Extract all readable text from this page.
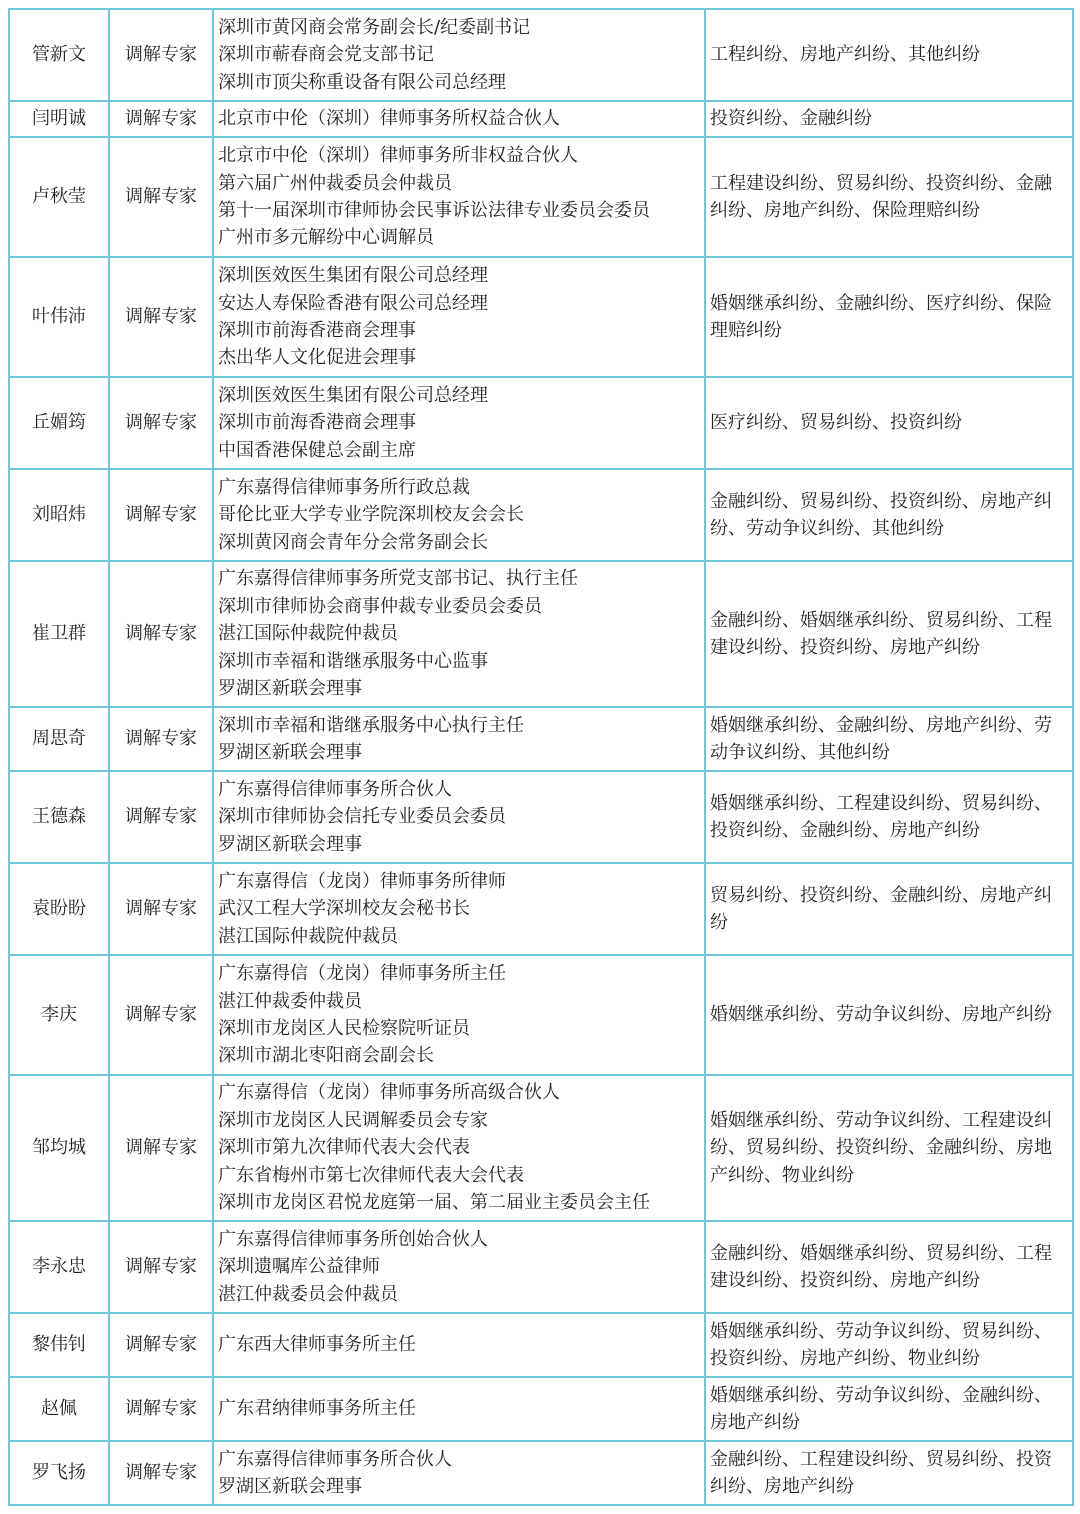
管新文	调解专家	深圳市黄冈商会常务副会长/纪委副书记
深圳市蕲春商会党支部书记
深圳市顶尖称重设备有限公司总经理	工程纠纷、房地产纠纷、其他纠纷
闫明诚	调解专家	北京市中伦（深圳）律师事务所权益合伙人	投资纠纷、金融纠纷
卢秋莹	调解专家	北京市中伦（深圳）律师事务所非权益合伙人
第六届广州仲裁委员会仲裁员
第十一届深圳市律师协会民事诉讼法律专业委员会委员
广州市多元解纷中心调解员	工程建设纠纷、贸易纠纷、投资纠纷、金融纠纷、房地产纠纷、保险理赔纠纷
叶伟沛	调解专家	深圳医效医生集团有限公司总经理
安达人寿保险香港有限公司总经理
深圳市前海香港商会理事
杰出华人文化促进会理事	婚姻继承纠纷、金融纠纷、医疗纠纷、保险理赔纠纷
丘媚筠	调解专家	深圳医效医生集团有限公司总经理
深圳市前海香港商会理事
中国香港保健总会副主席	医疗纠纷、贸易纠纷、投资纠纷
刘昭炜	调解专家	广东嘉得信律师事务所行政总裁
哥伦比亚大学专业学院深圳校友会会长
深圳黄冈商会青年分会常务副会长	金融纠纷、贸易纠纷、投资纠纷、房地产纠纷、劳动争议纠纷、其他纠纷
崔卫群	调解专家	广东嘉得信律师事务所党支部书记、执行主任
深圳市律师协会商事仲裁专业委员会委员
湛江国际仲裁院仲裁员
深圳市幸福和谐继承服务中心监事
罗湖区新联会理事	金融纠纷、婚姻继承纠纷、贸易纠纷、工程建设纠纷、投资纠纷、房地产纠纷
周思奇	调解专家	深圳市幸福和谐继承服务中心执行主任
罗湖区新联会理事	婚姻继承纠纷、金融纠纷、房地产纠纷、劳动争议纠纷、其他纠纷
王德森	调解专家	广东嘉得信律师事务所合伙人
深圳市律师协会信托专业委员会委员
罗湖区新联会理事	婚姻继承纠纷、工程建设纠纷、贸易纠纷、投资纠纷、金融纠纷、房地产纠纷
袁盼盼	调解专家	广东嘉得信（龙岗）律师事务所律师
武汉工程大学深圳校友会秘书长
湛江国际仲裁院仲裁员	贸易纠纷、投资纠纷、金融纠纷、房地产纠纷
李庆	调解专家	广东嘉得信（龙岗）律师事务所主任
湛江仲裁委仲裁员
深圳市龙岗区人民检察院听证员
深圳市湖北枣阳商会副会长	婚姻继承纠纷、劳动争议纠纷、房地产纠纷
邹均城	调解专家	广东嘉得信（龙岗）律师事务所高级合伙人
深圳市龙岗区人民调解委员会专家
深圳市第九次律师代表大会代表
广东省梅州市第七次律师代表大会代表
深圳市龙岗区君悦龙庭第一届、第二届业主委员会主任	婚姻继承纠纷、劳动争议纠纷、工程建设纠纷、贸易纠纷、投资纠纷、金融纠纷、房地产纠纷、物业纠纷
李永忠	调解专家	广东嘉得信律师事务所创始合伙人
深圳遗嘱库公益律师
湛江仲裁委员会仲裁员	金融纠纷、婚姻继承纠纷、贸易纠纷、工程建设纠纷、投资纠纷、房地产纠纷
黎伟钊	调解专家	广东西大律师事务所主任	婚姻继承纠纷、劳动争议纠纷、贸易纠纷、投资纠纷、房地产纠纷、物业纠纷
赵佩	调解专家	广东君纳律师事务所主任	婚姻继承纠纷、劳动争议纠纷、金融纠纷、房地产纠纷
罗飞扬	调解专家	广东嘉得信律师事务所合伙人
罗湖区新联会理事	金融纠纷、工程建设纠纷、贸易纠纷、投资纠纷、房地产纠纷
